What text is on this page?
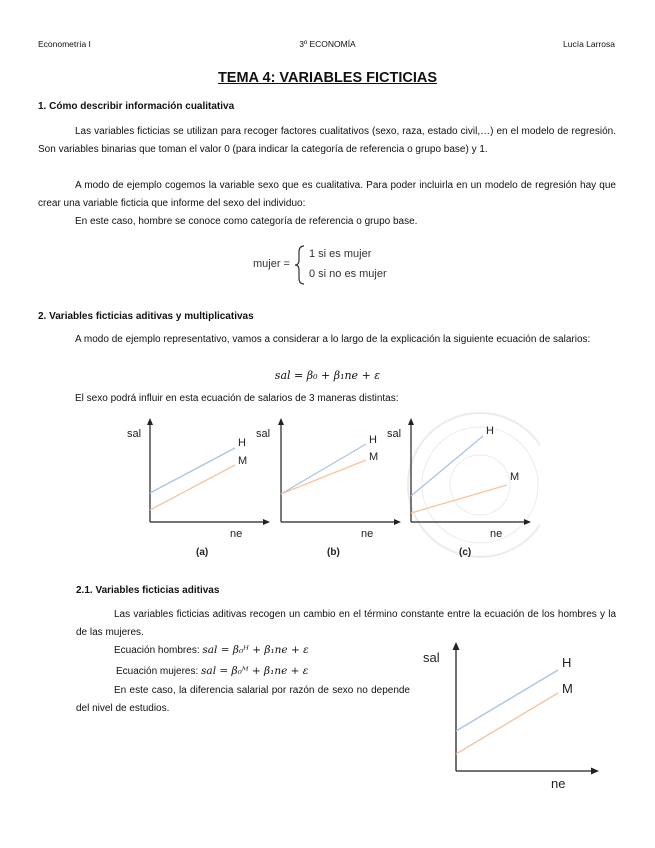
Econometría I	3º ECONOMÍA	Lucía Larrosa
TEMA 4: VARIABLES FICTICIAS
1. Cómo describir información cualitativa

Las variables ficticias se utilizan para recoger factores cualitativos (sexo, raza, estado civil,…) en el modelo de regresión. Son variables binarias que toman el valor 0 (para indicar la categoría de referencia o grupo base) y 1.

A modo de ejemplo cogemos la variable sexo que es cualitativa. Para poder incluirla en un modelo de regresión hay que crear una variable ficticia que informe del sexo del individuo:

En este caso, hombre se conoce como categoría de referencia o grupo base.

mujer =
1 si es mujer
0 si no es mujer
2. Variables ficticias aditivas y multiplicativas

A modo de ejemplo representativo, vamos a considerar a lo largo de la explicación la siguiente ecuación de salarios:

sal = β₀ + β₁ne + ε

El sexo podrá influir en esta ecuación de salarios de 3 maneras distintas:

sal
H
M
ne
(a)
sal	H
M
ne
(b)
sal	H
M
ne
(c)
2.1. Variables ficticias aditivas

Las variables ficticias aditivas recogen un cambio en el término constante entre la ecuación de los hombres y la de las mujeres.

Ecuación hombres: sal = β₀ᴴ + β₁ne + ε
Ecuación mujeres: sal = β₀ᴹ + β₁ne + ε

En este caso, la diferencia salarial por razón de sexo no depende del nivel de estudios.

sal	H
M
ne
